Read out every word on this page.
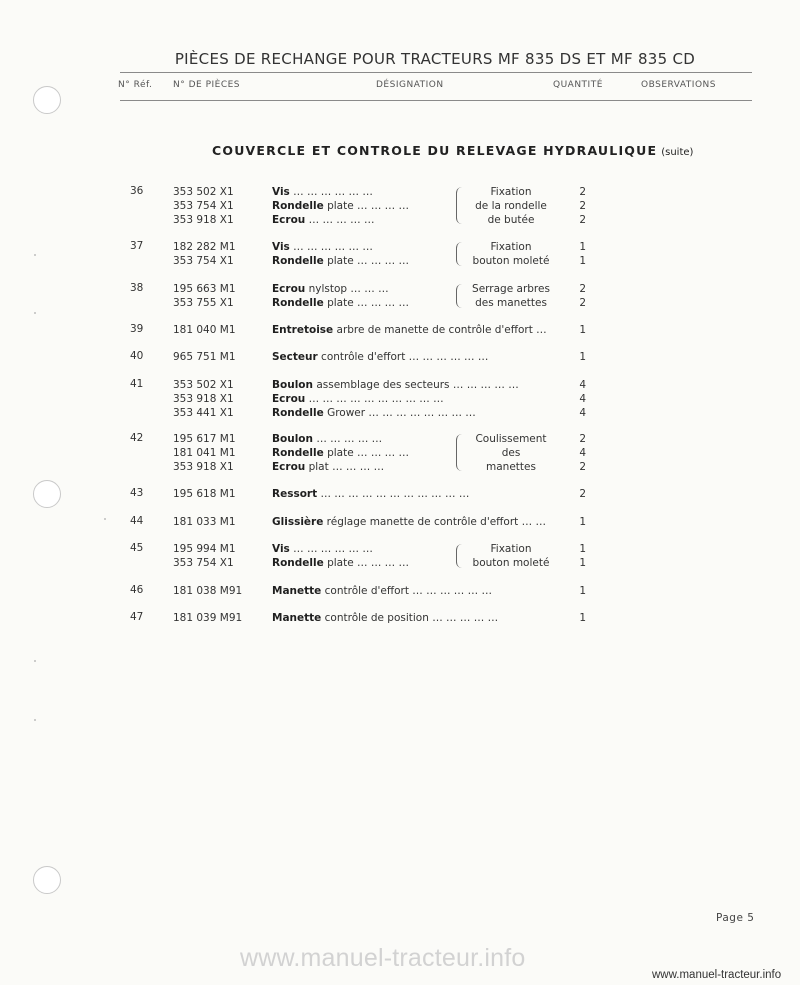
PIÈCES DE RECHANGE POUR TRACTEURS MF 835 DS ET MF 835 CD
N° Réf. N° DE PIÈCES	DÉSIGNATION	QUANTITÉ	OBSERVATIONS
COUVERCLE ET CONTROLE DU RELEVAGE HYDRAULIQUE (suite)
36	353 502 X1	Vis … … … … … …	Fixation	2
353 754 X1	Rondelle plate … … … …	de la rondelle	2
353 918 X1	Ecrou … … … … …	de butée	2
37	182 282 M1	Vis … … … … … …	Fixation	1
353 754 X1	Rondelle plate … … … …	bouton moleté	1
38	195 663 M1	Ecrou nylstop … … …	Serrage arbres	2
353 755 X1	Rondelle plate … … … …	des manettes	2
39	181 040 M1	Entretoise arbre de manette de contrôle d'effort …	1
40	965 751 M1	Secteur contrôle d'effort … … … … … …	1
41	353 502 X1	Boulon assemblage des secteurs … … … … …	4
353 918 X1	Ecrou … … … … … … … … … …	4
353 441 X1	Rondelle Grower … … … … … … … …	4
42	195 617 M1	Boulon … … … … …	Coulissement	2
181 041 M1	Rondelle plate … … … …	des	4
353 918 X1	Ecrou plat … … … …	manettes	2
43	195 618 M1	Ressort … … … … … … … … … … …	2
44	181 033 M1	Glissière réglage manette de contrôle d'effort … …	1
45	195 994 M1	Vis … … … … … …	Fixation	1
353 754 X1	Rondelle plate … … … …	bouton moleté	1
46	181 038 M91	Manette contrôle d'effort … … … … … …	1
47	181 039 M91	Manette contrôle de position … … … … …	1
Page 5
www.manuel-tracteur.info
www.manuel-tracteur.info
